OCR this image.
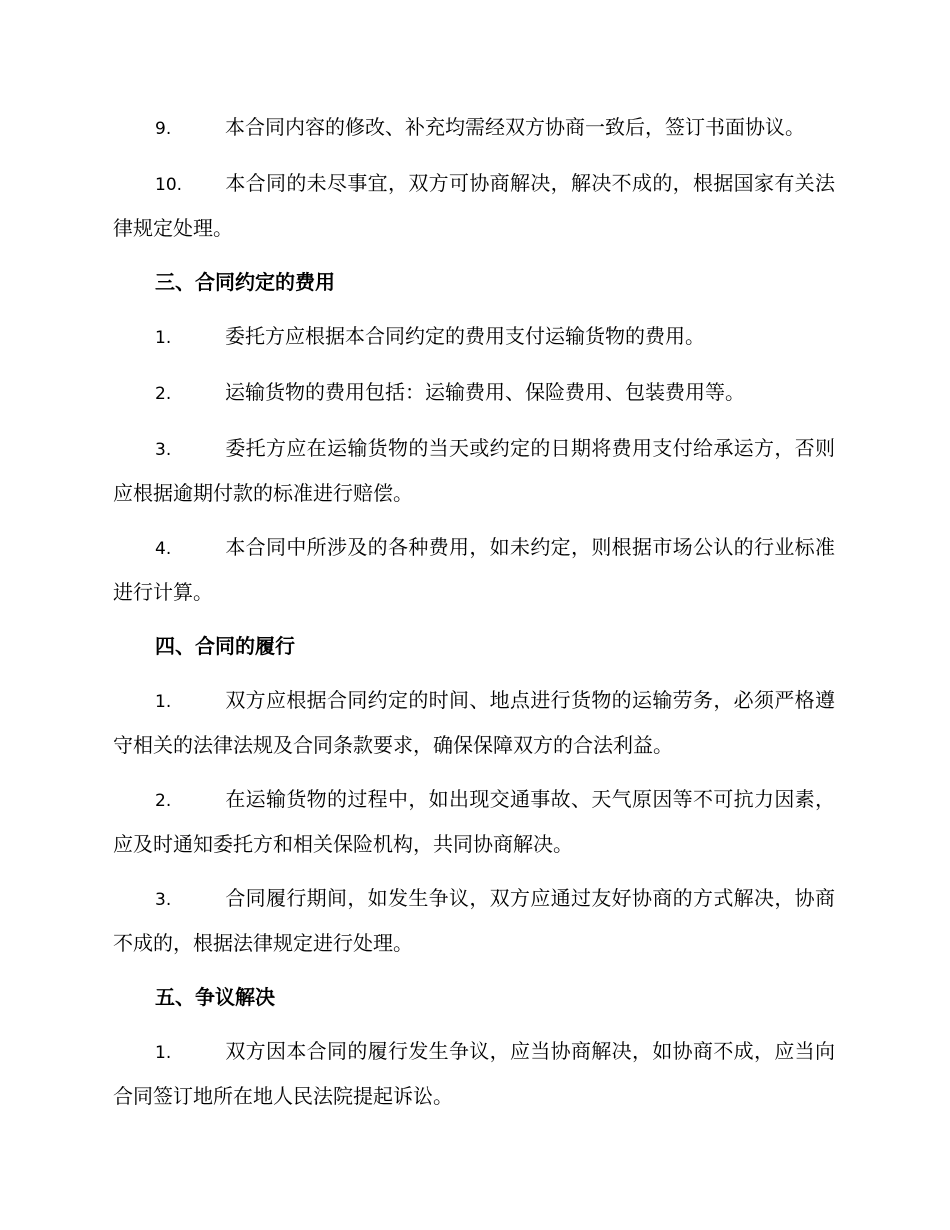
9.	本合同内容的修改、补充均需经双方协商一致后，签订书面协议。

10. 本合同的未尽事宜，双方可协商解决，解决不成的，根据国家有关法律规定处理。

三、合同约定的费用

1.	委托方应根据本合同约定的费用支付运输货物的费用。

2.	运输货物的费用包括：运输费用、保险费用、包装费用等。

3.	委托方应在运输货物的当天或约定的日期将费用支付给承运方，否则应根据逾期付款的标准进行赔偿。

4.	本合同中所涉及的各种费用，如未约定，则根据市场公认的行业标准进行计算。

四、合同的履行

1.	双方应根据合同约定的时间、地点进行货物的运输劳务，必须严格遵守相关的法律法规及合同条款要求，确保保障双方的合法利益。

2.	在运输货物的过程中，如出现交通事故、天气原因等不可抗力因素，应及时通知委托方和相关保险机构，共同协商解决。

3.	合同履行期间，如发生争议，双方应通过友好协商的方式解决，协商不成的，根据法律规定进行处理。

五、争议解决

1.	双方因本合同的履行发生争议，应当协商解决，如协商不成，应当向合同签订地所在地人民法院提起诉讼。
